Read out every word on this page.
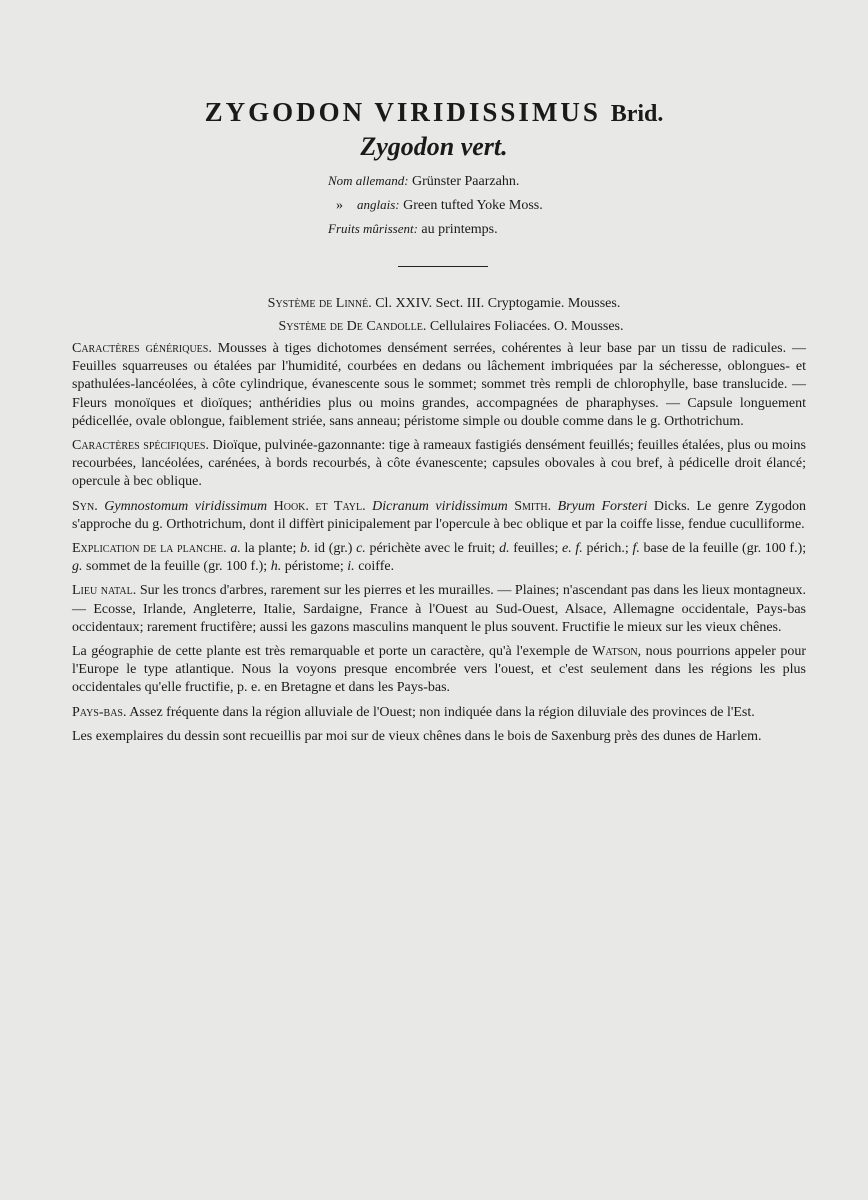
ZYGODON VIRIDISSIMUS Brid.
Zygodon vert.
Nom allemand: Grünster Paarzahn.
» anglais: Green tufted Yoke Moss.
Fruits mûrissent: au printemps.

Système de Linné. Cl. XXIV. Sect. III. Cryptogamie. Mousses.

Système de De Candolle. Cellulaires Foliacées. O. Mousses.

Caractères génériques. Mousses à tiges dichotomes densément serrées, cohérentes à leur base par un tissu de radicules. — Feuilles squarreuses ou étalées par l'humidité, courbées en dedans ou lâchement imbriquées par la sécheresse, oblongues- et spathulées-lancéolées, à côte cylindrique, évanescente sous le sommet; sommet très rempli de chlorophylle, base translucide. — Fleurs monoïques et dioïques; anthéridies plus ou moins grandes, accompagnées de pharaphyses. — Capsule longuement pédicellée, ovale oblongue, faiblement striée, sans anneau; péristome simple ou double comme dans le g. Orthotrichum.

Caractères spécifiques. Dioïque, pulvinée-gazonnante: tige à rameaux fastigiés densément feuillés; feuilles étalées, plus ou moins recourbées, lancéolées, carénées, à bords recourbés, à côte évanescente; capsules obovales à cou bref, à pédicelle droit élancé; opercule à bec oblique.

Syn. Gymnostomum viridissimum Hook. et Tayl. Dicranum viridissimum Smith. Bryum Forsteri Dicks. Le genre Zygodon s'approche du g. Orthotrichum, dont il diffèrt pinicipalement par l'opercule à bec oblique et par la coiffe lisse, fendue cuculliforme.

Explication de la planche. a. la plante; b. id (gr.) c. périchète avec le fruit; d. feuilles; e. f. périch.; f. base de la feuille (gr. 100 f.); g. sommet de la feuille (gr. 100 f.); h. péristome; i. coiffe.

Lieu natal. Sur les troncs d'arbres, rarement sur les pierres et les murailles. — Plaines; n'ascendant pas dans les lieux montagneux. — Ecosse, Irlande, Angleterre, Italie, Sardaigne, France à l'Ouest au Sud-Ouest, Alsace, Allemagne occidentale, Pays-bas occidentaux; rarement fructifère; aussi les gazons masculins manquent le plus souvent. Fructifie le mieux sur les vieux chênes.

La géographie de cette plante est très remarquable et porte un caractère, qu'à l'exemple de Watson, nous pourrions appeler pour l'Europe le type atlantique. Nous la voyons presque encombrée vers l'ouest, et c'est seulement dans les régions les plus occidentales qu'elle fructifie, p. e. en Bretagne et dans les Pays-bas.

Pays-bas. Assez fréquente dans la région alluviale de l'Ouest; non indiquée dans la région diluviale des provinces de l'Est.

Les exemplaires du dessin sont recueillis par moi sur de vieux chênes dans le bois de Saxenburg près des dunes de Harlem.
